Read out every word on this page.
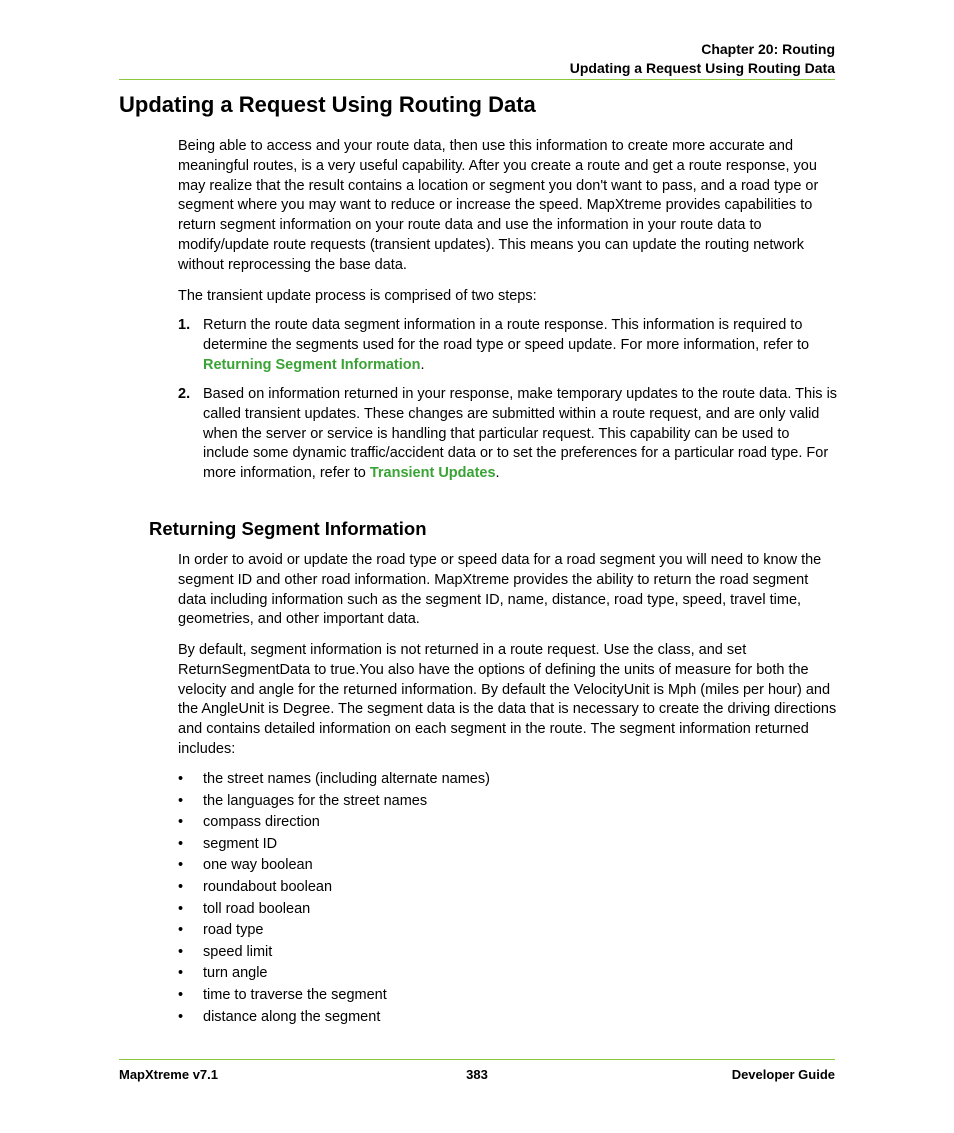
Chapter 20: Routing
Updating a Request Using Routing Data
Updating a Request Using Routing Data

Being able to access and your route data, then use this information to create more accurate and meaningful routes, is a very useful capability. After you create a route and get a route response, you may realize that the result contains a location or segment you don't want to pass, and a road type or segment where you may want to reduce or increase the speed. MapXtreme provides capabilities to return segment information on your route data and use the information in your route data to modify/update route requests (transient updates). This means you can update the routing network without reprocessing the base data.

The transient update process is comprised of two steps:

1. Return the route data segment information in a route response. This information is required to determine the segments used for the road type or speed update. For more information, refer to Returning Segment Information.
2. Based on information returned in your response, make temporary updates to the route data. This is called transient updates. These changes are submitted within a route request, and are only valid when the server or service is handling that particular request. This capability can be used to include some dynamic traffic/accident data or to set the preferences for a particular road type. For more information, refer to Transient Updates.
Returning Segment Information

In order to avoid or update the road type or speed data for a road segment you will need to know the segment ID and other road information. MapXtreme provides the ability to return the road segment data including information such as the segment ID, name, distance, road type, speed, travel time, geometries, and other important data.

By default, segment information is not returned in a route request. Use the class, and set ReturnSegmentData to true.You also have the options of defining the units of measure for both the velocity and angle for the returned information. By default the VelocityUnit is Mph (miles per hour) and the AngleUnit is Degree. The segment data is the data that is necessary to create the driving directions and contains detailed information on each segment in the route. The segment information returned includes:

• the street names (including alternate names)
• the languages for the street names
• compass direction
• segment ID
• one way boolean
• roundabout boolean
• toll road boolean
• road type
• speed limit
• turn angle
• time to traverse the segment
• distance along the segment
MapXtreme v7.1	383	Developer Guide
